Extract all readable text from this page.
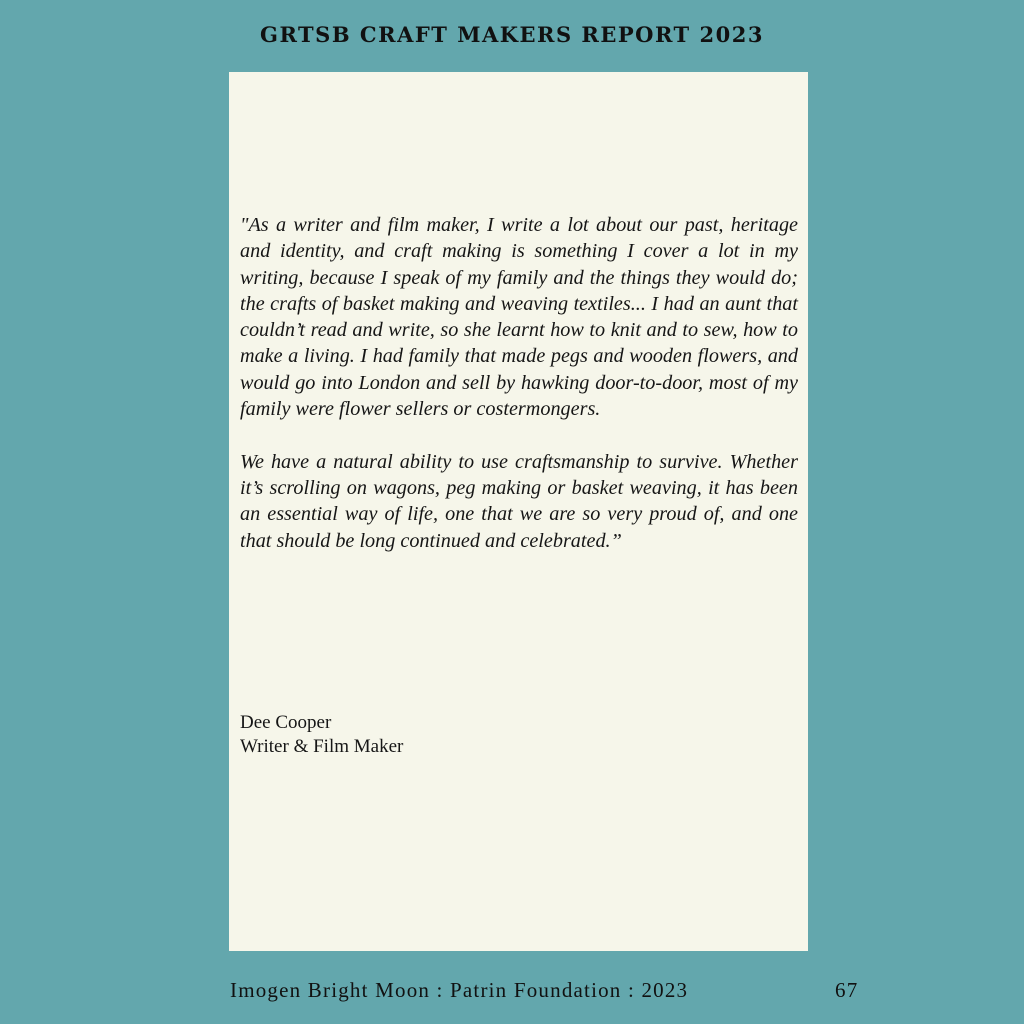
GRTSB CRAFT MAKERS REPORT 2023

"As a writer and film maker, I write a lot about our past, heritage and identity, and craft making is something I cover a lot in my writing, because I speak of my family and the things they would do; the crafts of basket making and weaving textiles... I had an aunt that couldn’t read and write, so she learnt how to knit and to sew, how to make a living. I had family that made pegs and wooden flowers, and would go into London and sell by hawking door-to-door, most of my family were flower sellers or costermongers.

We have a natural ability to use craftsmanship to survive. Whether it’s scrolling on wagons, peg making or basket weaving, it has been an essential way of life, one that we are so very proud of, and one that should be long continued and celebrated.”

Dee Cooper
Writer & Film Maker
Imogen Bright Moon : Patrin Foundation : 2023	67
